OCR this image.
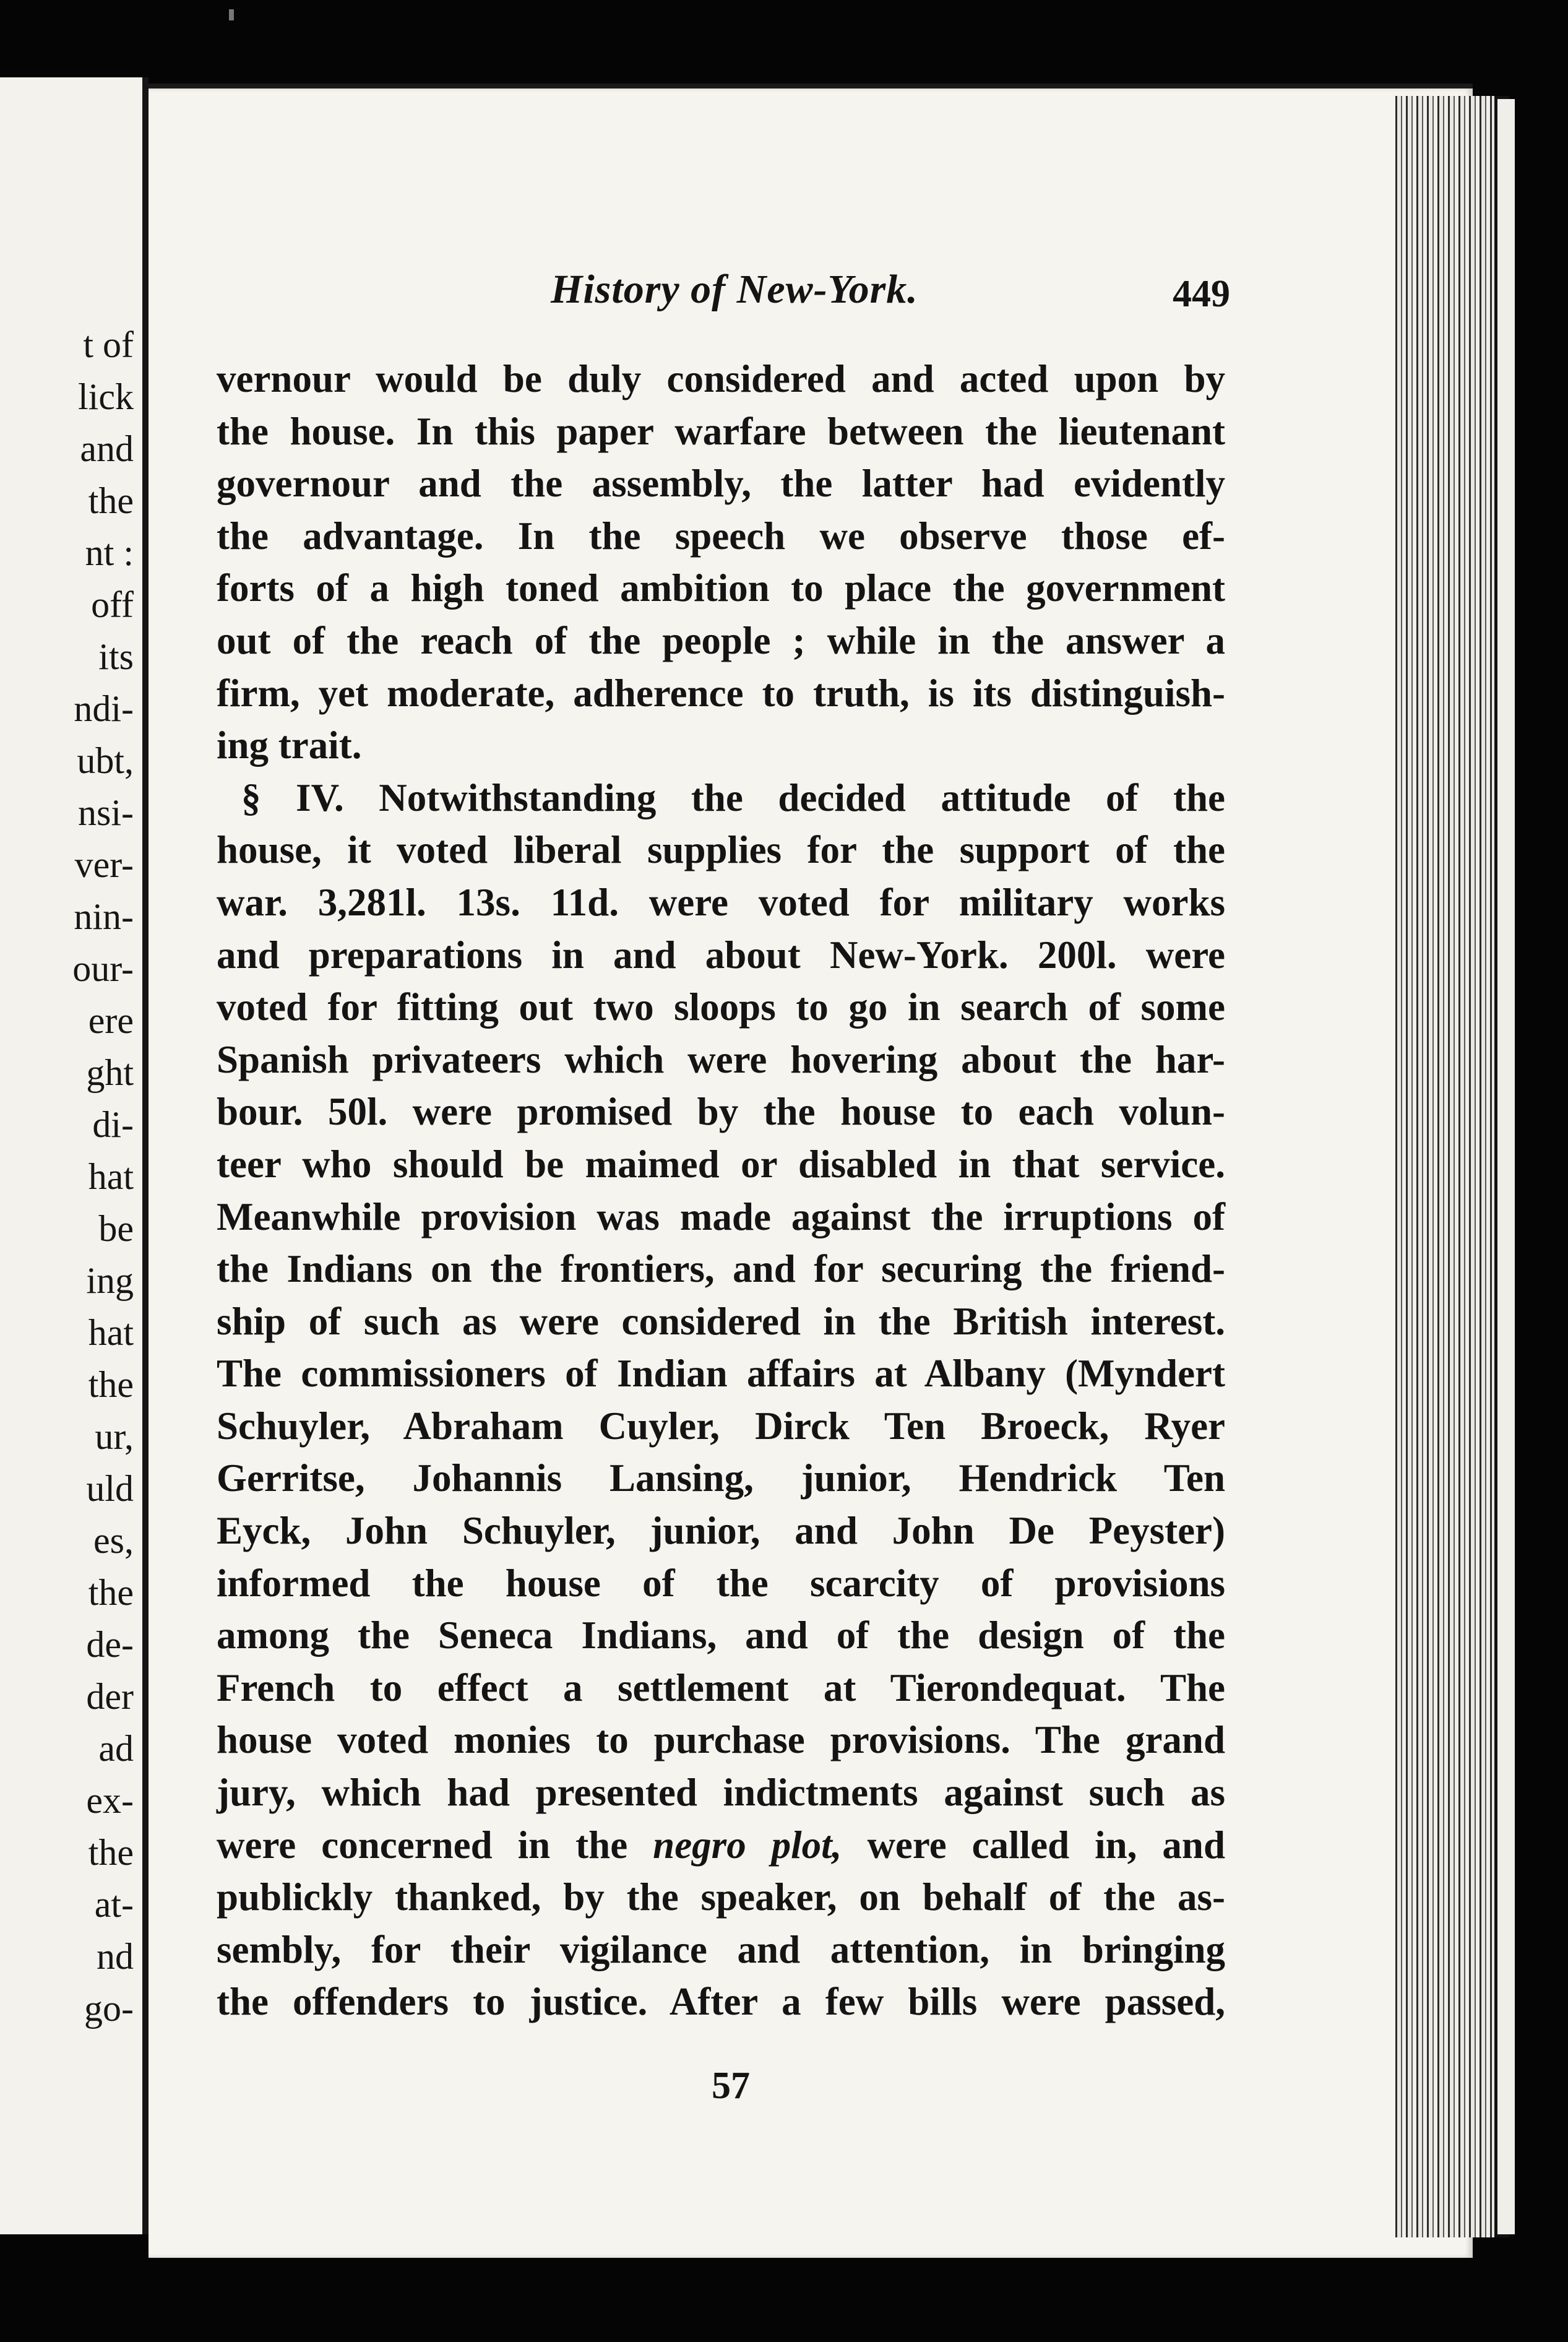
t of
lick
and
the
nt :
off
its
ndi-
ubt,
nsi-
ver-
nin-
our-
ere
ght
di-
hat
be
ing
hat
the
ur,
uld
es,
the
de-
der
ad
ex-
the
at-
nd
go-
History of New-York.	449
vernour would be duly considered and acted upon by
the house. In this paper warfare between the lieutenant
governour and the assembly, the latter had evidently
the advantage. In the speech we observe those ef-
forts of a high toned ambition to place the government
out of the reach of the people ; while in the answer a
firm, yet moderate, adherence to truth, is its distinguish-
ing trait.
§ IV. Notwithstanding the decided attitude of the
house, it voted liberal supplies for the support of the
war. 3,281l. 13s. 11d. were voted for military works
and preparations in and about New-York. 200l. were
voted for fitting out two sloops to go in search of some
Spanish privateers which were hovering about the har-
bour. 50l. were promised by the house to each volun-
teer who should be maimed or disabled in that service.
Meanwhile provision was made against the irruptions of
the Indians on the frontiers, and for securing the friend-
ship of such as were considered in the British interest.
The commissioners of Indian affairs at Albany (Myndert
Schuyler, Abraham Cuyler, Dirck Ten Broeck, Ryer
Gerritse, Johannis Lansing, junior, Hendrick Ten
Eyck, John Schuyler, junior, and John De Peyster)
informed the house of the scarcity of provisions
among the Seneca Indians, and of the design of the
French to effect a settlement at Tierondequat. The
house voted monies to purchase provisions. The grand
jury, which had presented indictments against such as
were concerned in the negro plot, were called in, and
publickly thanked, by the speaker, on behalf of the as-
sembly, for their vigilance and attention, in bringing
the offenders to justice. After a few bills were passed,
57
